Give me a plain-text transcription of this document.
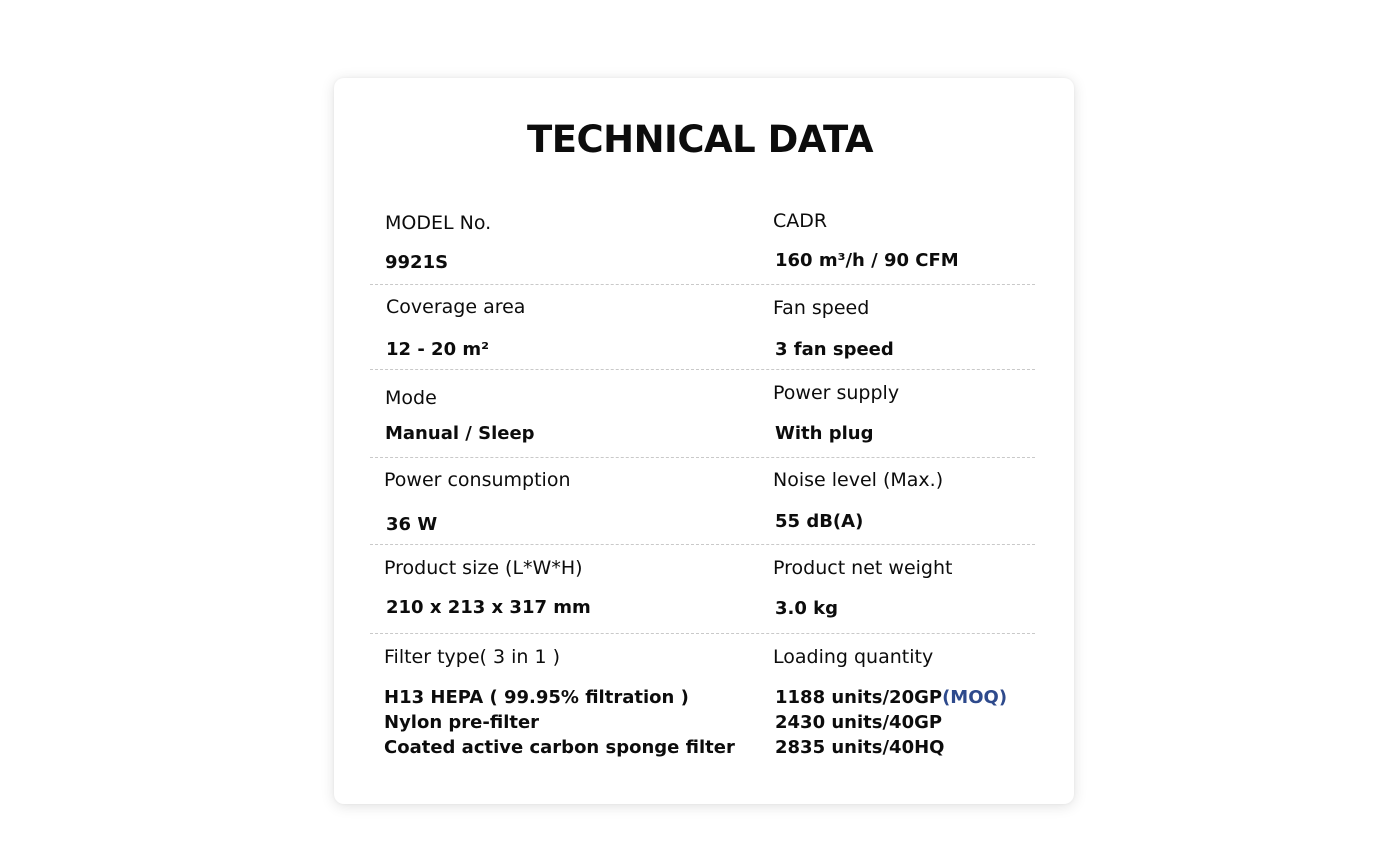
TECHNICAL DATA
MODEL No.
9921S
CADR
160 m³/h / 90 CFM
Coverage area
12 - 20 m²
Fan speed
3 fan speed
Mode
Manual / Sleep
Power supply
With plug
Power consumption
36 W
Noise level (Max.)
55 dB(A)
Product size (L*W*H)
210 x 213 x 317 mm
Product net weight
3.0 kg
Filter type( 3 in 1 )
H13 HEPA ( 99.95% filtration )
Nylon pre-filter
Coated active carbon sponge filter
Loading quantity
1188 units/20GP(MOQ)
2430 units/40GP
2835 units/40HQ
